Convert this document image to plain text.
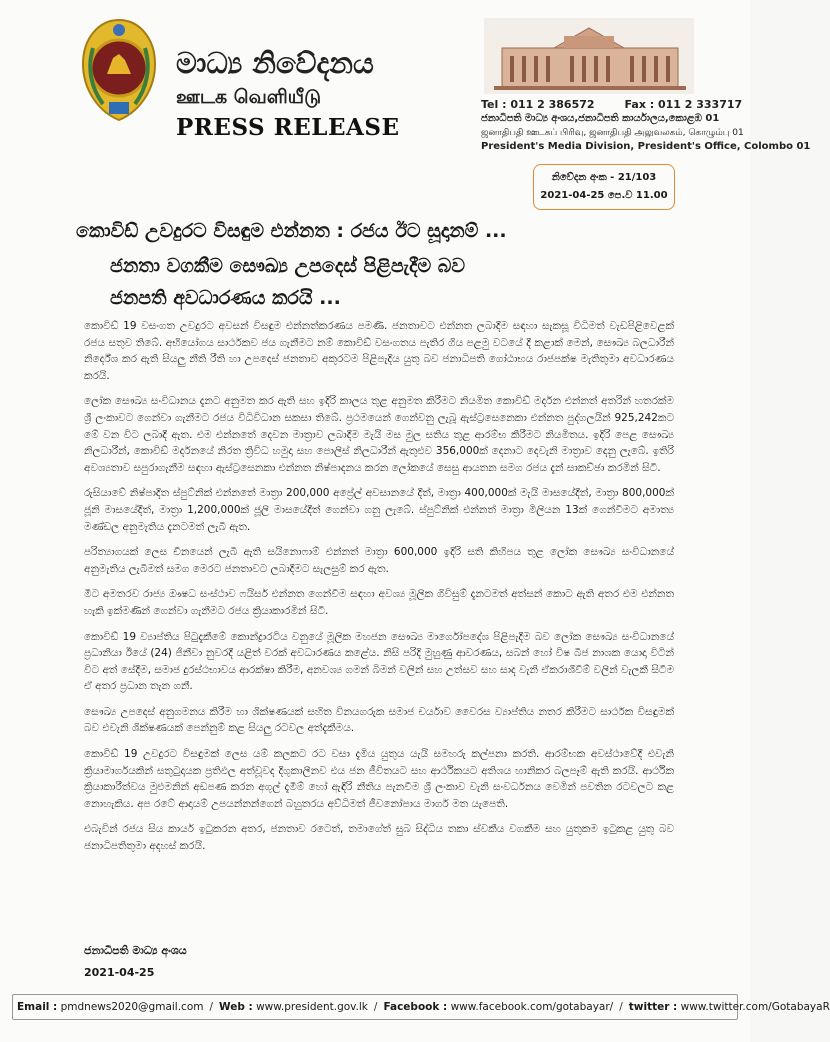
මාධ්‍ය නිවේදනය
ஊடக வெளியீடு
PRESS RELEASE
Tel : 011 2 386572	Fax : 011 2 333717
ජනාධිපති මාධ්‍ය අංශය,ජනාධිපති කාර්යාලය,කොළඹ 01
ஜனாதிபதி ஊடகப் பிரிவு, ஜனாதிபதி அலுவலகம், கொழும்பு 01
President's Media Division, President's Office, Colombo 01
නිවේදන අංක - 21/103
2021-04-25 පෙ.ව 11.00
කොවිඩ් උවදුරට විසඳුම එන්නත : රජය ඊට සූදානම් ...
ජනතා වගකීම සෞඛ්‍ය උපදෙස් පිළිපැදීම බව
ජනපති අවධාරණය කරයි ...

කොවිඩ් 19 වසංගත උවදුරට අවසන් විසඳුම එන්නත්කරණය පමණි. ජනතාවට එන්නත ලබාදීම සඳහා සැකසූ විධිමත් වැඩපිළිවෙළක් රජය සතුව තිබේ. අභියෝගය සාර්ථකව ජය ගැනීමට නම් කොවිඩ් වසංගතය පැතිර ගිය පළමු වටයේ දී කළාක් මෙන්, සෞඛ්‍ය බලධාරීන් නිර්දේශ කර ඇති සියලු නීති රීති හා උපදෙස් ජනතාව අකුරටම පිළිපැදිය යුතු බව ජනාධිපති ගෝඨාභය රාජපක්ෂ මැතිතුමා අවධාරණය කරයි.

ලෝක සෞඛ්‍ය සංවිධානය දැනට අනුමත කර ඇති සහ ඉදිරි කාලය තුළ අනුමත කිරීමට නියමිත කොවිඩ් මර්දන එන්නත් අතරින් හතරක්ම ශ්‍රී ලංකාවට ගෙන්වා ගැනීමට රජය විධිවිධාන සකසා තිබේ. ප්‍රථමයෙන් ගෙන්වනු ලැබූ ඇස්ට්‍රසෙනෙකා එන්නත පුද්ගලයින් 925,242කට මේ වන විට ලබාදී ඇත. එම එන්නතේ දෙවන මාත්‍රාව ලබාදීම මැයි මස මුල සතිය තුළ ආරම්භ කිරීමට නියමිතය. ඉදිරි පෙළ සෞඛ්‍ය නිලධාරීන්, කොවිඩ් මර්දනයේ නිරත ත්‍රිවිධ හමුදා සහ පොලිස් නිලධාරීන් ඇතුළුව 356,000ක් දෙනාට දෙවැනි මාත්‍රාව දෙනු ලැබේ. ඉතිරි අවශ්‍යතාව සපුරාගැනීම සඳහා ඇස්ට්‍රසෙනකා එන්නත නිෂ්පාදනය කරන ලෝකයේ සෙසු ආයතන සමග රජය දැන් සාකච්ඡා කරමින් සිටී.

රුසියාවේ නිෂ්පාදිත ස්පුට්නික් එන්නතේ මාත්‍රා 200,000 අප්‍රේල් අවසානයේ දීත්, මාත්‍රා 400,000ක් මැයි මාසයේදීත්, මාත්‍රා 800,000ක් ජූනි මාසයේදීත්, මාත්‍රා 1,200,000ක් ජූලි මාසයේදීත් ගෙන්වා ගනු ලැබේ. ස්පුට්නික් එන්නත් මාත්‍රා මිලියන 13ක් ගෙන්වීමට අමාත්‍ය මණ්ඩල අනුමැතිය දැනටමත් ලැබී ඇත.

පරිත්‍යාගයක් ලෙස චීනයෙන් ලැබී ඇති සයිනොෆාම් එන්නත් මාත්‍රා 600,000 ඉදිරි සති කිහිපය තුළ ලෝක සෞඛ්‍ය සංවිධානයේ අනුමැතිය ලැබීමත් සමග මෙරට ජනතාවට ලබාදීමට සැලසුම් කර ඇත.

මීට අමතරව රාජ්‍ය ඖෂධ සංස්ථාව ෆයිසර් එන්නත ගෙන්වීම සඳහා අවශ්‍ය මූලික ගිවිසුම් දැනටමත් අත්සන් කොට ඇති අතර එම එන්නත හැකි ඉක්මණින් ගෙන්වා ගැනීමට රජය ක්‍රියාකාරමින් සිටී.

කොවිඩ් 19 ව්‍යාප්තිය පිටුදැකීමේ කොන්ද්‍රාරටිය වනුයේ මූලික මහජන සෞඛ්‍ය මාර්ගෝපදේශ පිළිපැදීම බව ලෝක සෞඛ්‍ය සංවිධානයේ ප්‍රධානියා ඊයේ (24) ජිනීවා නුවරදී යළිත් වරක් අවධාරණය කළේය. නිසි පරිදි මුහුණු ආවරණය, සබන් හෝ විෂ බීජ නාශක යොදා විටින් විට අත් සේදීම, සමාජ දුරස්ථභාවය ආරක්ෂා කිරීම, අනවශ්‍ය ගමන් බිමන් වලින් සහ උත්සව සහ සාද වැනි ඒකරාශීවීම් වලින් වැලකී සිටීම ඒ අතර ප්‍රධාන තැන ගනී.

සෞඛ්‍ය උපදෙස් අනුගමනය කිරීම හා ශික්ෂණයක් සහිත විනයගරුක සමාජ චර්යාව වෛරස ව්‍යාප්තිය නතර කිරීමට සාර්ථක විසඳුමක් බව එවැනි ශික්ෂණයක් පෙන්නුම් කළ සියලු රටවල අත්දැකීමය.

කොවිඩ් 19 උවදුරට විසඳුමක් ලෙස යම් කලකට රට වසා දැමිය යුතුය යැයි සමහරු කල්පනා කරති. ආරම්භක අවස්ථාවේදී එවැනි ක්‍රියාමාර්ගයකින් සතුටුදායක ප්‍රතිඵල අත්වූවද දිගුකාලීනව එය ජන ජීවිතයට සහ ආර්ථිකයට අතිශය හානිකර බලපෑම් ඇති කරයි. ආර්ථික ක්‍රියාකාරීත්වය මුළුමනින් අඩපණ කරන අගුල් දැමීම් හෝ ඇඳිරි නීතිය පැනවීම ශ්‍රී ලංකාව වැනි සංවර්ධනය වෙමින් පවතින රටවලට කළ නොහැකිය. අප රටේ ආදායම් උපයන්නන්ගෙන් බහුතරය අව්ධිමත් ජීවනෝපාය මාර්ග මත යැපෙති.

එබැවින් රජය සිය කාර්ය ඉටුකරන අතර, ජනතාව රටෙත්, තමාගේත් සුබ සිද්ධිය තකා ස්වකීය වගකීම සහ යුතුකම ඉටුකළ යුතු බව ජනාධිපතිතුමා අදහස් කරයි.

ජනාධිපති මාධ්‍ය අංශය
2021-04-25
Email :
pmdnews2020@gmail.com / Web :
www.president.gov.lk / Facebook :
www.facebook.com/gotabayar/ / twitter :
www.twitter.com/GotabayaR
